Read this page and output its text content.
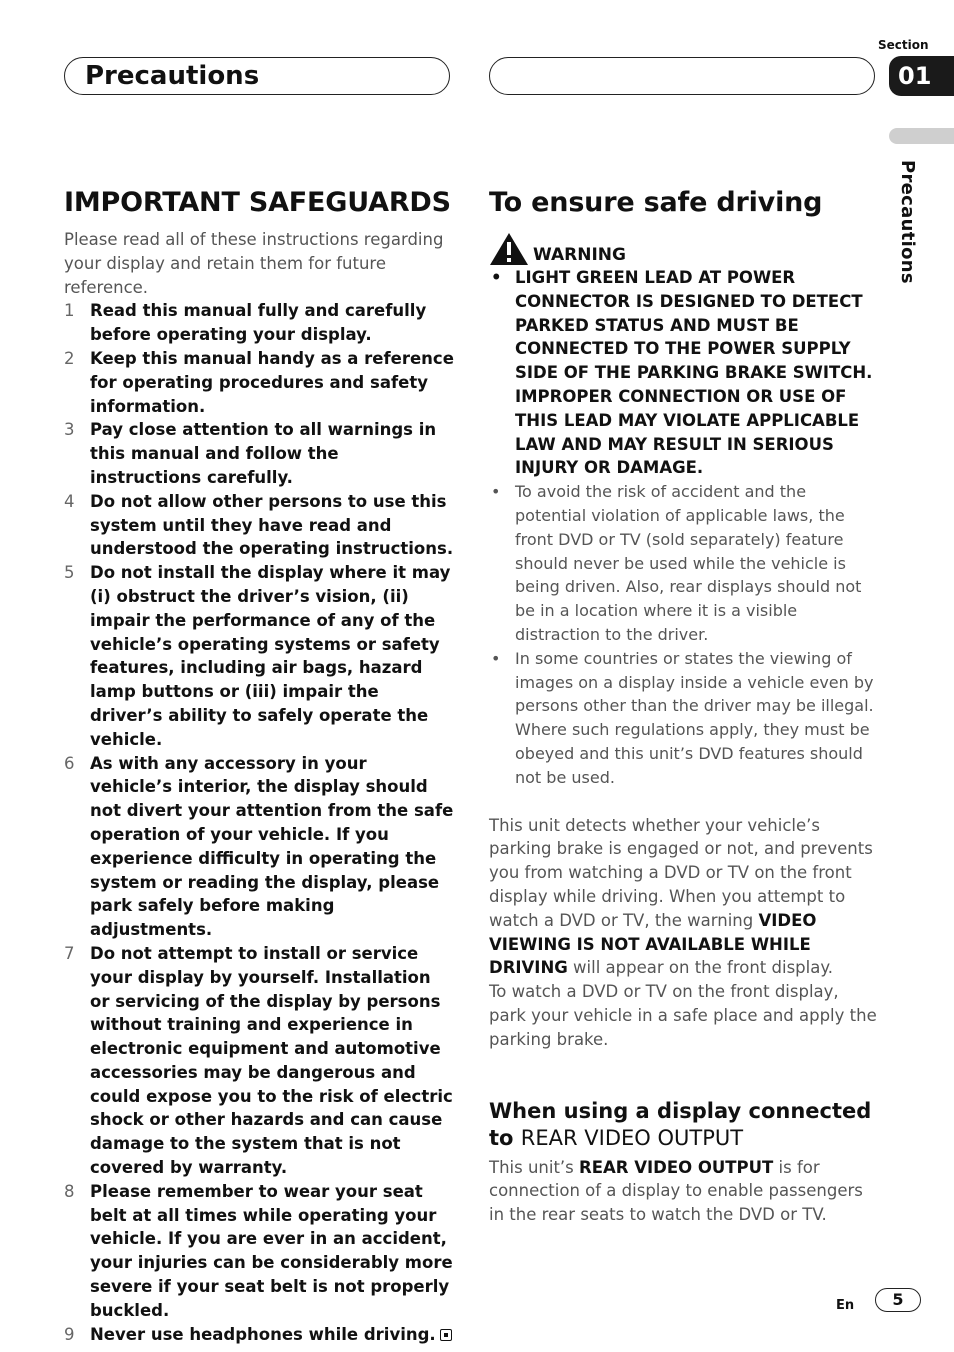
Precautions
Section
01
Precautions
IMPORTANT SAFEGUARDS

Please read all of these instructions regarding your display and retain them for future reference.

1 Read this manual fully and carefully before operating your display.
2 Keep this manual handy as a reference for operating procedures and safety information.
3 Pay close attention to all warnings in this manual and follow the instructions carefully.
4 Do not allow other persons to use this system until they have read and understood the operating instructions.
5 Do not install the display where it may (i) obstruct the driver’s vision, (ii) impair the performance of any of the vehicle’s operating systems or safety features, including air bags, hazard lamp buttons or (iii) impair the driver’s ability to safely operate the vehicle.
6 As with any accessory in your vehicle’s interior, the display should not divert your attention from the safe operation of your vehicle. If you experience difficulty in operating the system or reading the display, please park safely before making adjustments.
7 Do not attempt to install or service your display by yourself. Installation or servicing of the display by persons without training and experience in electronic equipment and automotive accessories may be dangerous and could expose you to the risk of electric shock or other hazards and can cause damage to the system that is not covered by warranty.
8 Please remember to wear your seat belt at all times while operating your vehicle. If you are ever in an accident, your injuries can be considerably more severe if your seat belt is not properly buckled.
9 Never use headphones while driving.
To ensure safe driving
WARNING
• LIGHT GREEN LEAD AT POWER CONNECTOR IS DESIGNED TO DETECT PARKED STATUS AND MUST BE CONNECTED TO THE POWER SUPPLY SIDE OF THE PARKING BRAKE SWITCH. IMPROPER CONNECTION OR USE OF THIS LEAD MAY VIOLATE APPLICABLE LAW AND MAY RESULT IN SERIOUS INJURY OR DAMAGE.
• To avoid the risk of accident and the potential violation of applicable laws, the front DVD or TV (sold separately) feature should never be used while the vehicle is being driven. Also, rear displays should not be in a location where it is a visible distraction to the driver.
• In some countries or states the viewing of images on a display inside a vehicle even by persons other than the driver may be illegal. Where such regulations apply, they must be obeyed and this unit’s DVD features should not be used.

This unit detects whether your vehicle’s parking brake is engaged or not, and prevents you from watching a DVD or TV on the front display while driving. When you attempt to watch a DVD or TV, the warning VIDEO VIEWING IS NOT AVAILABLE WHILE DRIVING will appear on the front display.

To watch a DVD or TV on the front display, park your vehicle in a safe place and apply the parking brake.

When using a display connected to REAR VIDEO OUTPUT

This unit’s REAR VIDEO OUTPUT is for connection of a display to enable passengers in the rear seats to watch the DVD or TV.

En	5
